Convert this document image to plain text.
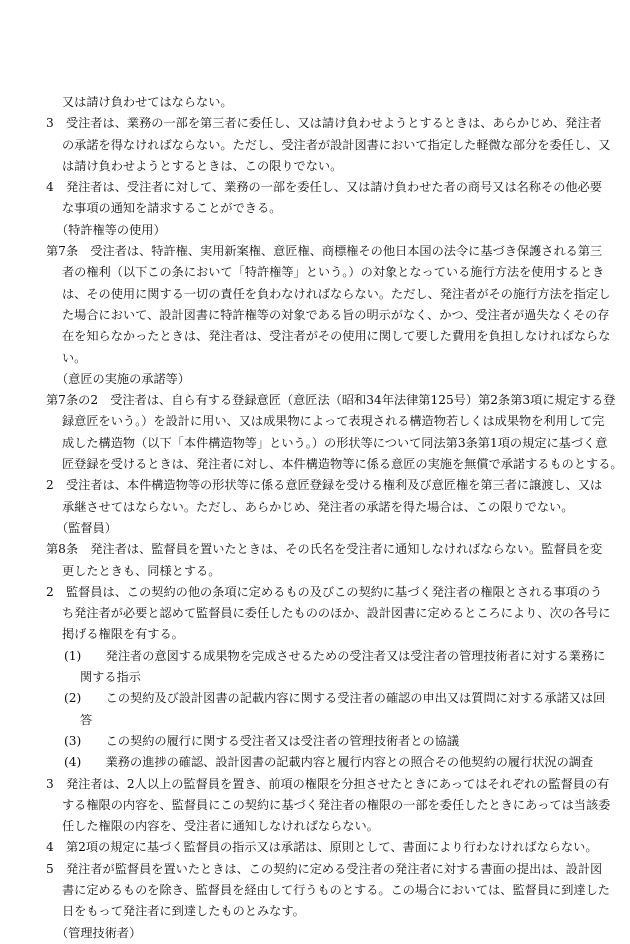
又は請け負わせてはならない。
3　受注者は、業務の一部を第三者に委任し、又は請け負わせようとするときは、あらかじめ、発注者
の承諾を得なければならない。ただし、受注者が設計図書において指定した軽微な部分を委任し、又
は請け負わせようとするときは、この限りでない。
4　発注者は、受注者に対して、業務の一部を委任し、又は請け負わせた者の商号又は名称その他必要
な事項の通知を請求することができる。
（特許権等の使用）
第7条　受注者は、特許権、実用新案権、意匠権、商標権その他日本国の法令に基づき保護される第三
者の権利（以下この条において「特許権等」という。）の対象となっている施行方法を使用するとき
は、その使用に関する一切の責任を負わなければならない。ただし、発注者がその施行方法を指定し
た場合において、設計図書に特許権等の対象である旨の明示がなく、かつ、受注者が過失なくその存
在を知らなかったときは、発注者は、受注者がその使用に関して要した費用を負担しなければならな
い。
（意匠の実施の承諾等）
第7条の2　受注者は、自ら有する登録意匠（意匠法（昭和34年法律第125号）第2条第3項に規定する登
録意匠をいう。）を設計に用い、又は成果物によって表現される構造物若しくは成果物を利用して完
成した構造物（以下「本件構造物等」という。）の形状等について同法第3条第1項の規定に基づく意
匠登録を受けるときは、発注者に対し、本件構造物等に係る意匠の実施を無償で承諾するものとする。
2　受注者は、本件構造物等の形状等に係る意匠登録を受ける権利及び意匠権を第三者に譲渡し、又は
承継させてはならない。ただし、あらかじめ、発注者の承諾を得た場合は、この限りでない。
（監督員）
第8条　発注者は、監督員を置いたときは、その氏名を受注者に通知しなければならない。監督員を変
更したときも、同様とする。
2　監督員は、この契約の他の条項に定めるもの及びこの契約に基づく発注者の権限とされる事項のう
ち発注者が必要と認めて監督員に委任したもののほか、設計図書に定めるところにより、次の各号に
掲げる権限を有する。
(1)　　発注者の意図する成果物を完成させるための受注者又は受注者の管理技術者に対する業務に
関する指示
(2)　　この契約及び設計図書の記載内容に関する受注者の確認の申出又は質問に対する承諾又は回
答
(3)　　この契約の履行に関する受注者又は受注者の管理技術者との協議
(4)　　業務の進捗の確認、設計図書の記載内容と履行内容との照合その他契約の履行状況の調査
3　発注者は、2人以上の監督員を置き、前項の権限を分担させたときにあってはそれぞれの監督員の有
する権限の内容を、監督員にこの契約に基づく発注者の権限の一部を委任したときにあっては当該委
任した権限の内容を、受注者に通知しなければならない。
4　第2項の規定に基づく監督員の指示又は承諾は、原則として、書面により行わなければならない。
5　発注者が監督員を置いたときは、この契約に定める受注者の発注者に対する書面の提出は、設計図
書に定めるものを除き、監督員を経由して行うものとする。この場合においては、監督員に到達した
日をもって発注者に到達したものとみなす。
（管理技術者）
